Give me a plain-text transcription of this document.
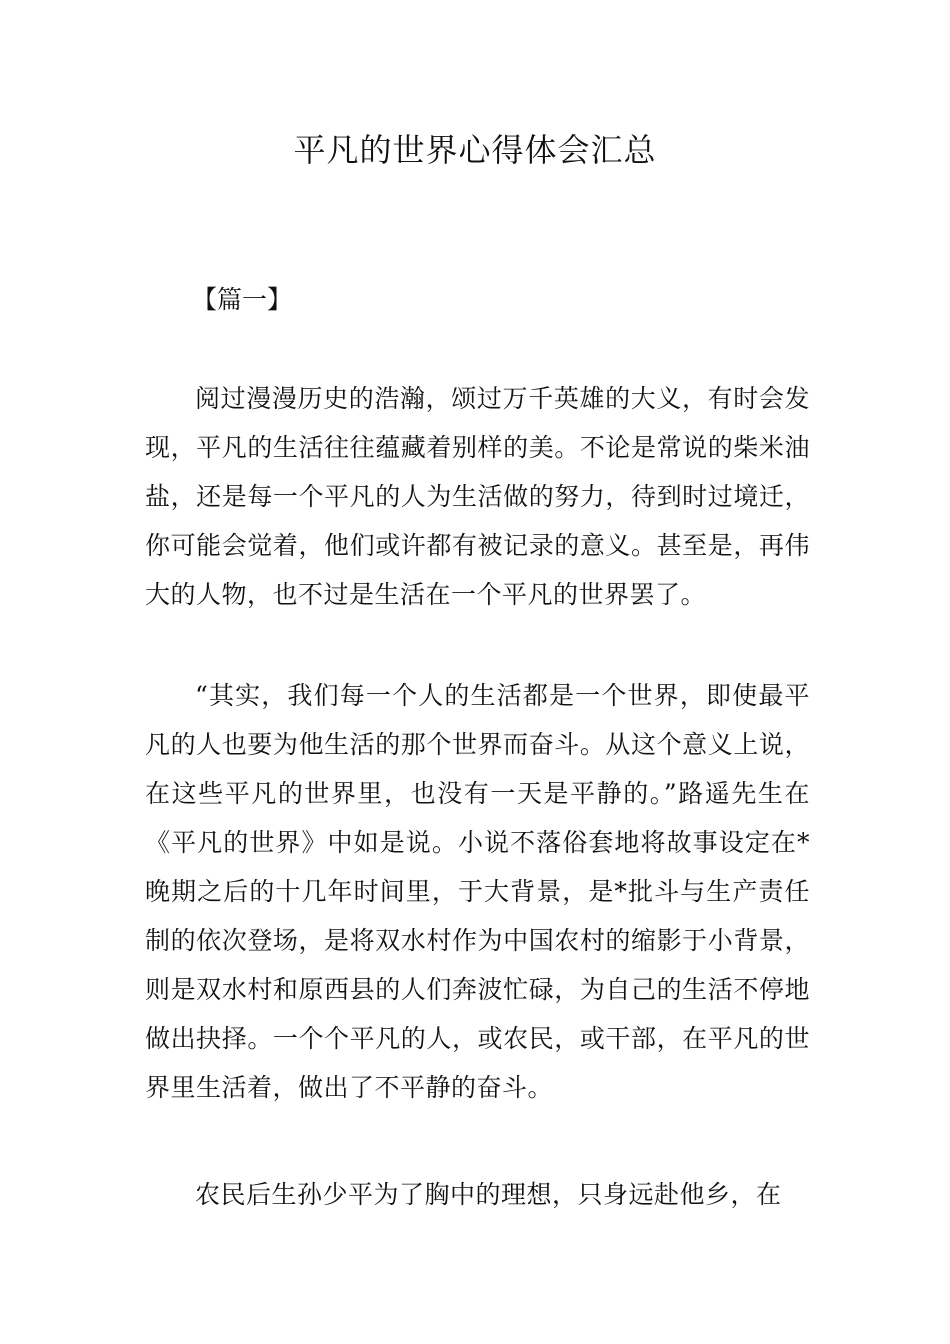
平凡的世界心得体会汇总

【篇一】

阅过漫漫历史的浩瀚，颂过万千英雄的大义，有时会发现，平凡的生活往往蕴藏着别样的美。不论是常说的柴米油盐，还是每一个平凡的人为生活做的努力，待到时过境迁，你可能会觉着，他们或许都有被记录的意义。甚至是，再伟大的人物，也不过是生活在一个平凡的世界罢了。

“其实，我们每一个人的生活都是一个世界，即使最平凡的人也要为他生活的那个世界而奋斗。从这个意义上说，在这些平凡的世界里，也没有一天是平静的。”路遥先生在《平凡的世界》中如是说。小说不落俗套地将故事设定在*晚期之后的十几年时间里，于大背景，是*批斗与生产责任制的依次登场，是将双水村作为中国农村的缩影于小背景，则是双水村和原西县的人们奔波忙碌，为自己的生活不停地做出抉择。一个个平凡的人，或农民，或干部，在平凡的世界里生活着，做出了不平静的奋斗。

农民后生孙少平为了胸中的理想，只身远赴他乡，在
